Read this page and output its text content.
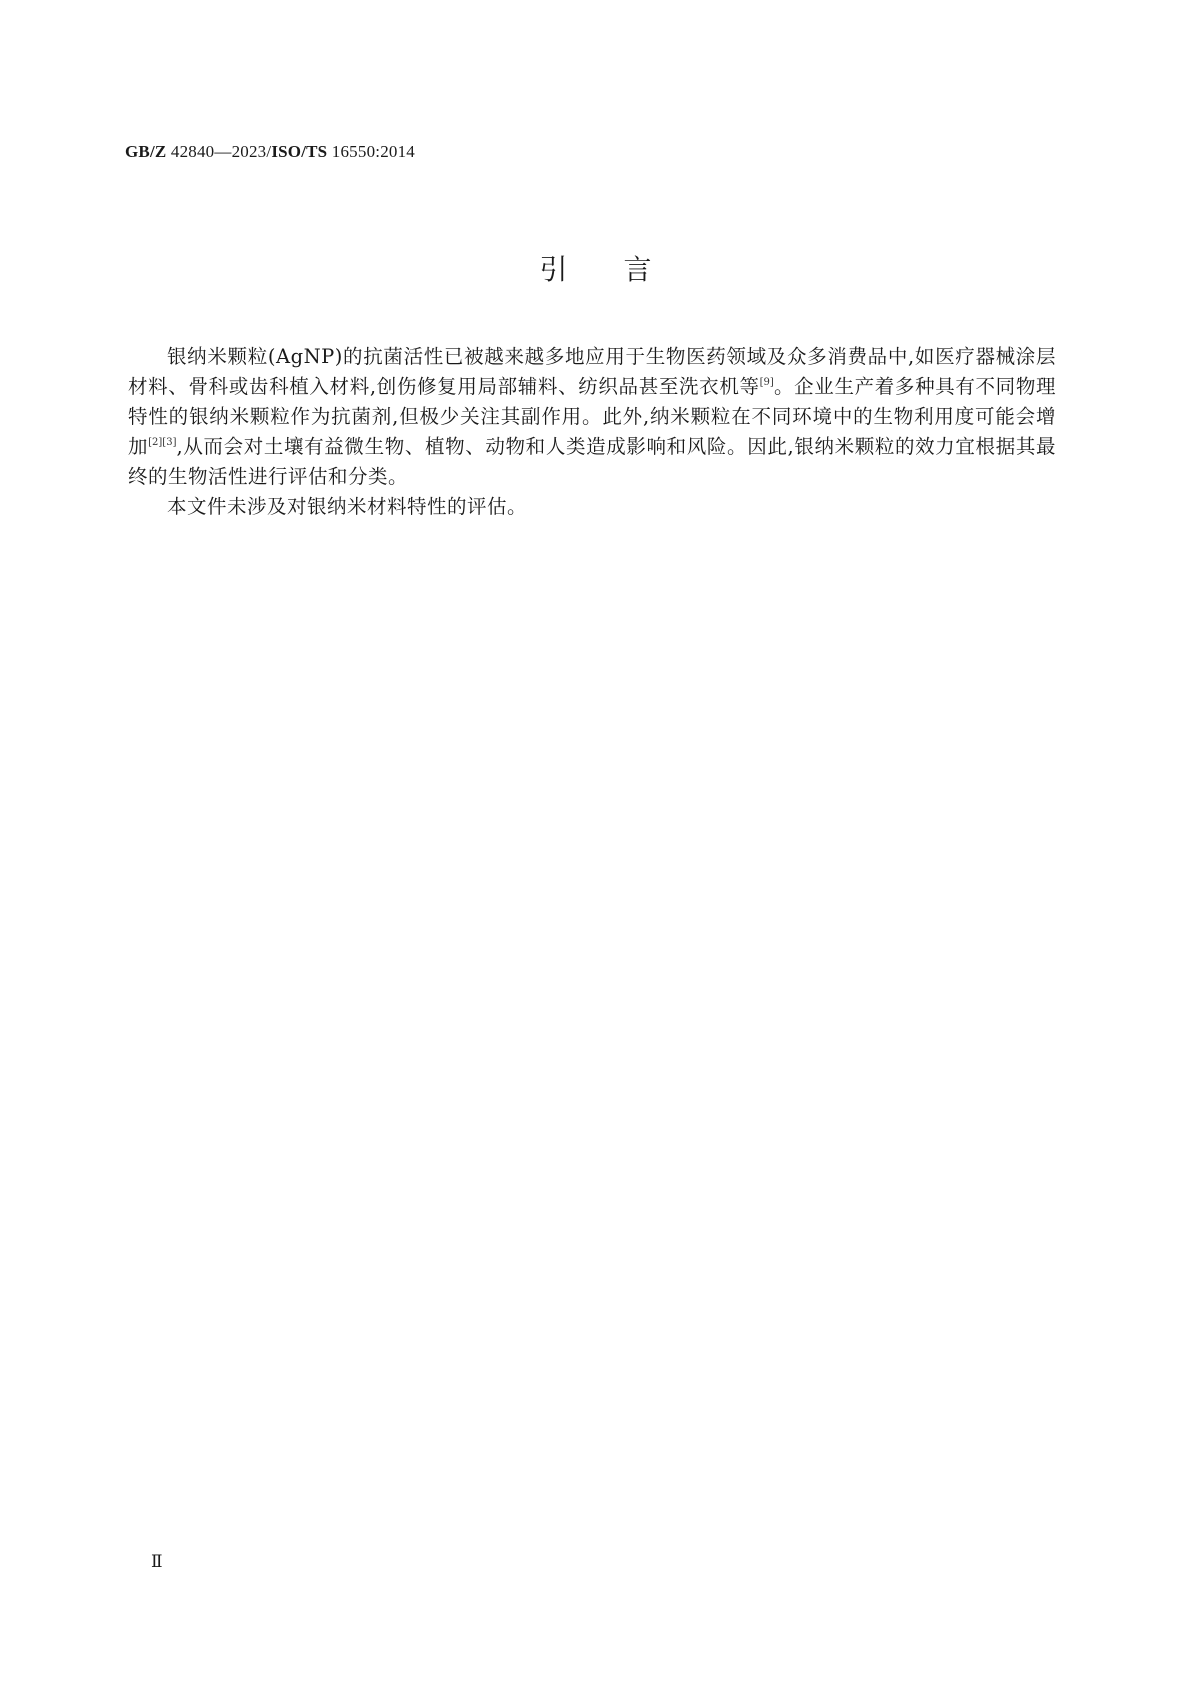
GB/Z 42840—2023/ISO/TS 16550:2014
引言

银纳米颗粒(AgNP)的抗菌活性已被越来越多地应用于生物医药领域及众多消费品中,如医疗器械涂层材料、骨科或齿科植入材料,创伤修复用局部辅料、纺织品甚至洗衣机等[9]。企业生产着多种具有不同物理特性的银纳米颗粒作为抗菌剂,但极少关注其副作用。此外,纳米颗粒在不同环境中的生物利用度可能会增加[2][3],从而会对土壤有益微生物、植物、动物和人类造成影响和风险。因此,银纳米颗粒的效力宜根据其最终的生物活性进行评估和分类。

本文件未涉及对银纳米材料特性的评估。

Ⅱ
